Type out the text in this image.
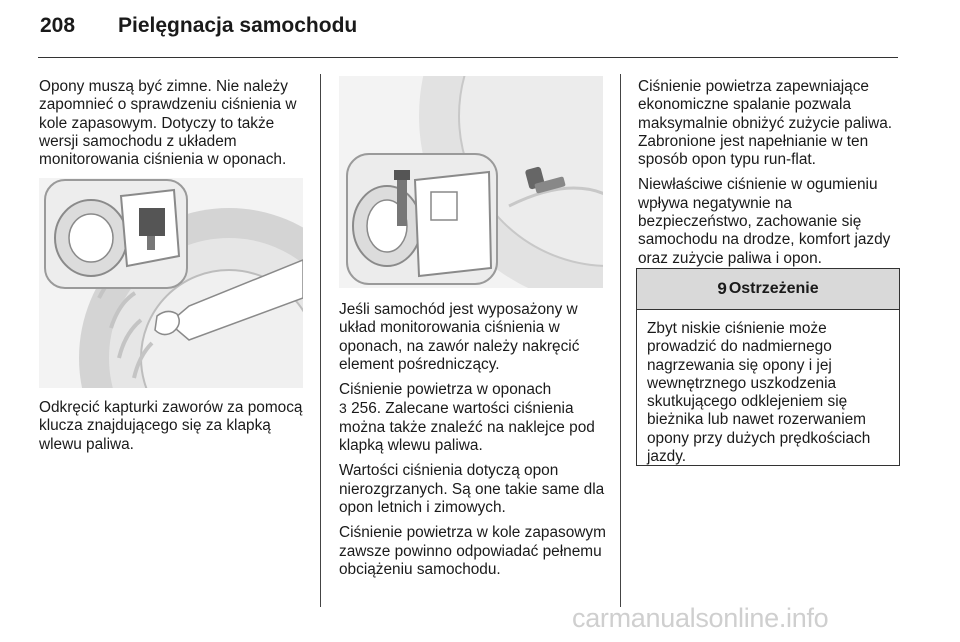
208 Pielęgnacja samochodu

Opony muszą być zimne. Nie należy zapomnieć o sprawdzeniu ciśnienia w kole zapasowym. Dotyczy to także wersji samochodu z układem monitorowania ciśnienia w oponach.

Odkręcić kapturki zaworów za pomocą klucza znajdującego się za klapką wlewu paliwa.

Jeśli samochód jest wyposażony w układ monitorowania ciśnienia w oponach, na zawór należy nakręcić element pośredniczący.

Ciśnienie powietrza w oponach
3 256. Zalecane wartości ciśnienia można także znaleźć na naklejce pod klapką wlewu paliwa.

Wartości ciśnienia dotyczą opon nierozgrzanych. Są one takie same dla opon letnich i zimowych.

Ciśnienie powietrza w kole zapasowym zawsze powinno odpowiadać pełnemu obciążeniu samochodu.

Ciśnienie powietrza zapewniające ekonomiczne spalanie pozwala maksymalnie obniżyć zużycie paliwa. Zabronione jest napełnianie w ten sposób opon typu run-flat.

Niewłaściwe ciśnienie w ogumieniu wpływa negatywnie na bezpieczeństwo, zachowanie się samochodu na drodze, komfort jazdy oraz zużycie paliwa i opon.

9 Ostrzeżenie
Zbyt niskie ciśnienie może prowadzić do nadmiernego nagrzewania się opony i jej wewnętrznego uszkodzenia skutkującego odklejeniem się bieżnika lub nawet rozerwaniem opony przy dużych prędkościach jazdy.
carmanualsonline.info
